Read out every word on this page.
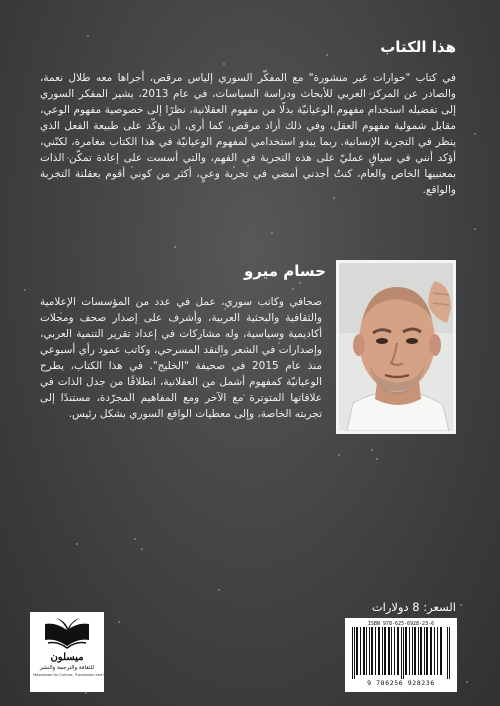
هذا الكتاب

في كتاب "حوارات غير منشورة" مع المفكّر السوري إلياس مرقص، أجراها معه طلال نعمة، والصادر عن المركز العربي للأبحاث ودراسة السياسات، في عام 2013، يشير المفكر السوري إلى تفضيله استخدام مفهوم الوعيانيّة بدلًا من مفهوم العقلانية، نظرًا إلى خصوصية مفهوم الوعي، مقابل شمولية مفهوم العقل، وفي ذلك أراد مرقص، كما أرى، أن يؤكّد على طبيعة الفعل الذي ينظر في التجربة الإنسانية. ربما يبدو استخدامي لمفهوم الوعيانيّة في هذا الكتاب مغامرة، لكنّني، أؤكد أنني في سياقٍ عمليّ على هذه التجربة في الفهم، والتي أسست على إعادة تمكّن الذات بمعنييها الخاص والعام، كنتُ أجدني أمضي في تجربة وعيٍ، أكثر من كوني أقوم بعقلنة التجربة والواقع.

حسام ميرو

صحافي وكاتب سوري، عمل في عدد من المؤسسات الإعلامية والثقافية والبحثية العربية، وأشرف على إصدار صحف ومجلات أكاديمية وسياسية، وله مشاركات في إعداد تقرير التنمية العربي، وإصدارات في الشعر والنقد المسرحي، وكاتب عمود رأي أسبوعي منذ عام 2015 في صحيفة "الخليج". في هذا الكتاب، يطرح الوعيانيّة كمفهوم أشمل من العقلانية، انطلاقًا من جدل الذات في علاقاتها المتوترة مع الآخر ومع المفاهيم المجرّدة، مستندًا إلى تجربته الخاصة، وإلى معطيات الواقع السوري بشكل رئيس.

السعر: 8 دولارات
ISBN 978-625-6928-23-6
9 786256 928236
ميسلون
للثقافة والترجمة والنشر
Maysaloon for Culture, Translation and Publishing
